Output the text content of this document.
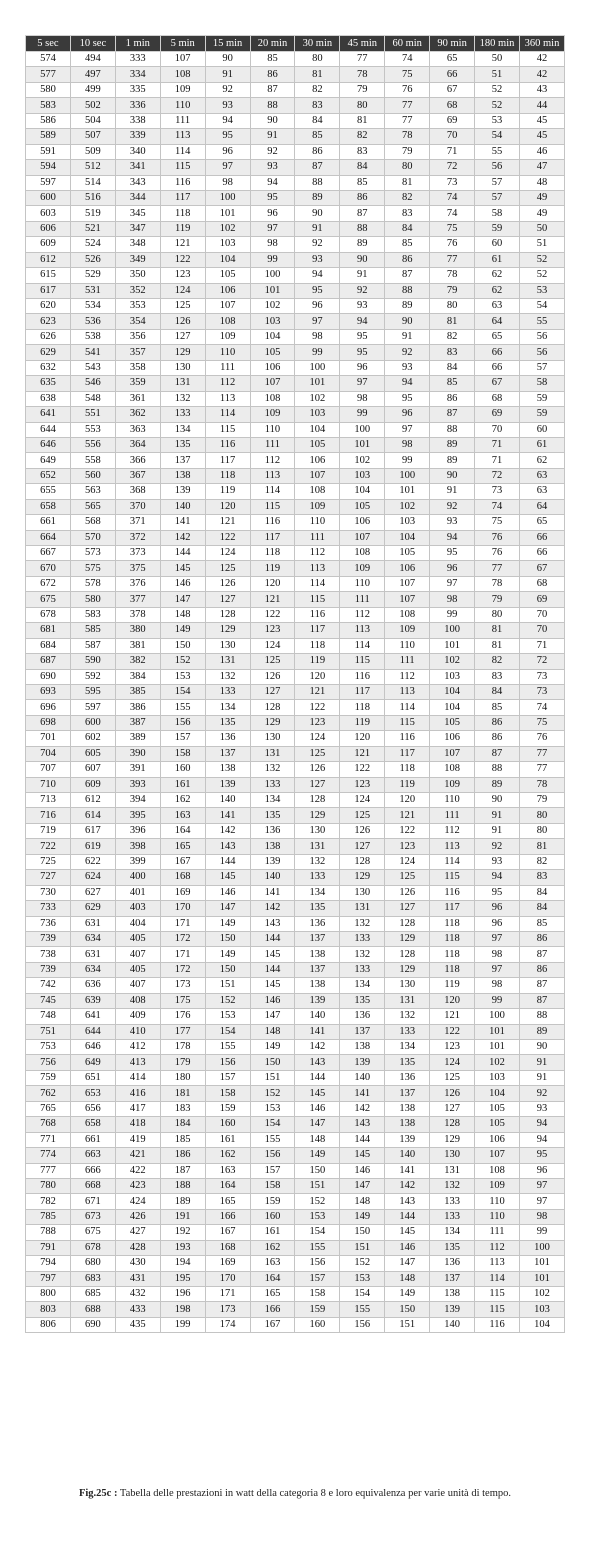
5 sec	10 sec	1 min	5 min	15 min	20 min	30 min	45 min	60 min	90 min	180 min	360 min
574	494	333	107	90	85	80	77	74	65	50	42
577	497	334	108	91	86	81	78	75	66	51	42
580	499	335	109	92	87	82	79	76	67	52	43
583	502	336	110	93	88	83	80	77	68	52	44
586	504	338	111	94	90	84	81	77	69	53	45
589	507	339	113	95	91	85	82	78	70	54	45
591	509	340	114	96	92	86	83	79	71	55	46
594	512	341	115	97	93	87	84	80	72	56	47
597	514	343	116	98	94	88	85	81	73	57	48
600	516	344	117	100	95	89	86	82	74	57	49
603	519	345	118	101	96	90	87	83	74	58	49
606	521	347	119	102	97	91	88	84	75	59	50
609	524	348	121	103	98	92	89	85	76	60	51
612	526	349	122	104	99	93	90	86	77	61	52
615	529	350	123	105	100	94	91	87	78	62	52
617	531	352	124	106	101	95	92	88	79	62	53
620	534	353	125	107	102	96	93	89	80	63	54
623	536	354	126	108	103	97	94	90	81	64	55
626	538	356	127	109	104	98	95	91	82	65	56
629	541	357	129	110	105	99	95	92	83	66	56
632	543	358	130	111	106	100	96	93	84	66	57
635	546	359	131	112	107	101	97	94	85	67	58
638	548	361	132	113	108	102	98	95	86	68	59
641	551	362	133	114	109	103	99	96	87	69	59
644	553	363	134	115	110	104	100	97	88	70	60
646	556	364	135	116	111	105	101	98	89	71	61
649	558	366	137	117	112	106	102	99	89	71	62
652	560	367	138	118	113	107	103	100	90	72	63
655	563	368	139	119	114	108	104	101	91	73	63
658	565	370	140	120	115	109	105	102	92	74	64
661	568	371	141	121	116	110	106	103	93	75	65
664	570	372	142	122	117	111	107	104	94	76	66
667	573	373	144	124	118	112	108	105	95	76	66
670	575	375	145	125	119	113	109	106	96	77	67
672	578	376	146	126	120	114	110	107	97	78	68
675	580	377	147	127	121	115	111	107	98	79	69
678	583	378	148	128	122	116	112	108	99	80	70
681	585	380	149	129	123	117	113	109	100	81	70
684	587	381	150	130	124	118	114	110	101	81	71
687	590	382	152	131	125	119	115	111	102	82	72
690	592	384	153	132	126	120	116	112	103	83	73
693	595	385	154	133	127	121	117	113	104	84	73
696	597	386	155	134	128	122	118	114	104	85	74
698	600	387	156	135	129	123	119	115	105	86	75
701	602	389	157	136	130	124	120	116	106	86	76
704	605	390	158	137	131	125	121	117	107	87	77
707	607	391	160	138	132	126	122	118	108	88	77
710	609	393	161	139	133	127	123	119	109	89	78
713	612	394	162	140	134	128	124	120	110	90	79
716	614	395	163	141	135	129	125	121	111	91	80
719	617	396	164	142	136	130	126	122	112	91	80
722	619	398	165	143	138	131	127	123	113	92	81
725	622	399	167	144	139	132	128	124	114	93	82
727	624	400	168	145	140	133	129	125	115	94	83
730	627	401	169	146	141	134	130	126	116	95	84
733	629	403	170	147	142	135	131	127	117	96	84
736	631	404	171	149	143	136	132	128	118	96	85
739	634	405	172	150	144	137	133	129	118	97	86
738	631	407	171	149	145	138	132	128	118	98	87
739	634	405	172	150	144	137	133	129	118	97	86
742	636	407	173	151	145	138	134	130	119	98	87
745	639	408	175	152	146	139	135	131	120	99	87
748	641	409	176	153	147	140	136	132	121	100	88
751	644	410	177	154	148	141	137	133	122	101	89
753	646	412	178	155	149	142	138	134	123	101	90
756	649	413	179	156	150	143	139	135	124	102	91
759	651	414	180	157	151	144	140	136	125	103	91
762	653	416	181	158	152	145	141	137	126	104	92
765	656	417	183	159	153	146	142	138	127	105	93
768	658	418	184	160	154	147	143	138	128	105	94
771	661	419	185	161	155	148	144	139	129	106	94
774	663	421	186	162	156	149	145	140	130	107	95
777	666	422	187	163	157	150	146	141	131	108	96
780	668	423	188	164	158	151	147	142	132	109	97
782	671	424	189	165	159	152	148	143	133	110	97
785	673	426	191	166	160	153	149	144	133	110	98
788	675	427	192	167	161	154	150	145	134	111	99
791	678	428	193	168	162	155	151	146	135	112	100
794	680	430	194	169	163	156	152	147	136	113	101
797	683	431	195	170	164	157	153	148	137	114	101
800	685	432	196	171	165	158	154	149	138	115	102
803	688	433	198	173	166	159	155	150	139	115	103
806	690	435	199	174	167	160	156	151	140	116	104
Fig.25c : Tabella delle prestazioni in watt della categoria 8 e loro equivalenza per varie unità di tempo.
